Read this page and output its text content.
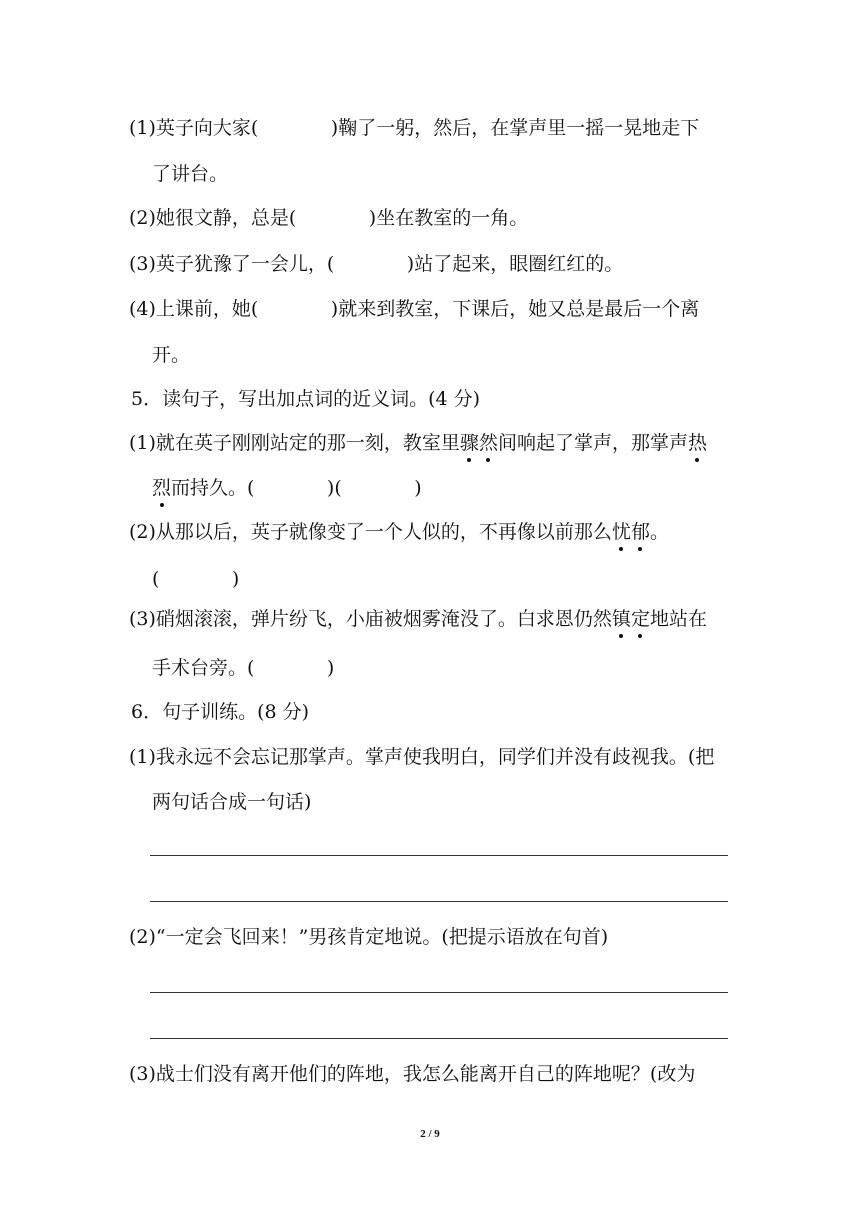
(1)英子向大家(            )鞠了一躬，然后，在掌声里一摇一晃地走下
了讲台。
(2)她很文静，总是(            )坐在教室的一角。
(3)英子犹豫了一会儿，(            )站了起来，眼圈红红的。
(4)上课前，她(            )就来到教室，下课后，她又总是最后一个离
开。
5．读句子，写出加点词的近义词。(4 分)
(1)就在英子刚刚站定的那一刻，教室里骤然间响起了掌声，那掌声热
烈而持久。(            )(            )
(2)从那以后，英子就像变了一个人似的，不再像以前那么忧郁。
(            )
(3)硝烟滚滚，弹片纷飞，小庙被烟雾淹没了。白求恩仍然镇定地站在
手术台旁。(            )
6．句子训练。(8 分)
(1)我永远不会忘记那掌声。掌声使我明白，同学们并没有歧视我。(把
两句话合成一句话)
(2)“一定会飞回来！”男孩肯定地说。(把提示语放在句首)
(3)战士们没有离开他们的阵地，我怎么能离开自己的阵地呢？(改为
2 / 9
